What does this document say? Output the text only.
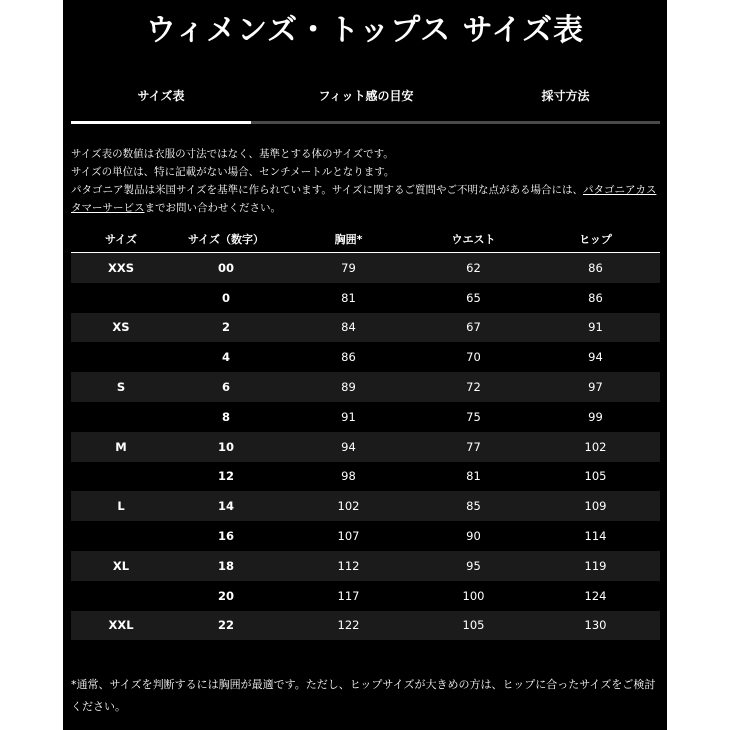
ウィメンズ・トップス サイズ表
サイズ表	フィット感の目安	採寸方法

サイズ表の数値は衣服の寸法ではなく、基準とする体のサイズです。

サイズの単位は、特に記載がない場合、センチメートルとなります。

パタゴニア製品は米国サイズを基準に作られています。サイズに関するご質問やご不明な点がある場合には、パタゴニアカスタマーサービスまでお問い合わせください。

サイズ	サイズ（数字）	胸囲*	ウエスト	ヒップ
XXS	00	79	62	86
	0	81	65	86
XS	2	84	67	91
	4	86	70	94
S	6	89	72	97
	8	91	75	99
M	10	94	77	102
	12	98	81	105
L	14	102	85	109
	16	107	90	114
XL	18	112	95	119
	20	117	100	124
XXL	22	122	105	130

*通常、サイズを判断するには胸囲が最適です。ただし、ヒップサイズが大きめの方は、ヒップに合ったサイズをご検討ください。
